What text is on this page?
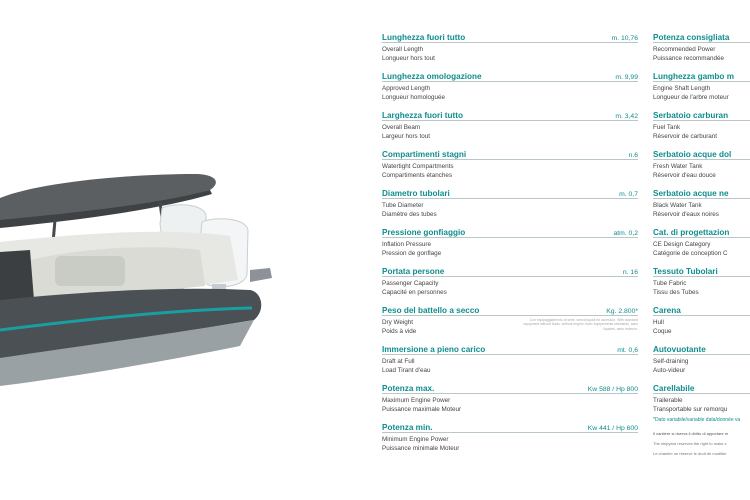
Lunghezza fuori tutto	m. 10,76
Overall Length
Longueur hors tout
Lunghezza omologazione	m. 9,99
Approved Length
Longueur homologuée
Larghezza fuori tutto	m. 3,42
Overall Beam
Largeur hors tout
Compartimenti stagni	n.6
Watertight Compartments
Compartiments étanches
Diametro tubolari	m. 0,7
Tube Diameter
Diamètre des tubes
Pressione gonfiaggio	atm. 0,2
Inflation Pressure
Pression de gonflage
Portata persone	n. 16
Passenger Capacity
Capacité en personnes
Peso del battello a secco	Kg. 2.800*
Dry Weight
Poids à vide
Con equipaggiamento di serie, senza liquidi ed accessori. With standard equipment without fluids, without engine. Avec équipements standards, sans liquides, sans moteurs.
Immersione a pieno carico	mt. 0,6
Draft at Full
Load Tirant d'eau
Potenza max.	Kw 588 / Hp 800
Maximum Engine Power
Puissance maximale Moteur
Potenza min.	Kw 441 / Hp 600
Minimum Engine Power
Puissance minimale Moteur
Potenza consigliata
Recommended Power
Puissance recommandée
Lunghezza gambo m
Engine Shaft Length
Longueur de l'arbre moteur
Serbatoio carburan
Fuel Tank
Réservoir de carburant
Serbatoio acque dol
Fresh Water Tank
Réservoir d'eau douce
Serbatoio acque ne
Black Water Tank
Réservoir d'eaux noires
Cat. di progettazion
CE Design Category
Catégorie de conception C
Tessuto Tubolari
Tube Fabric
Tissu des Tubes
Carena
Hull
Coque
Autovuotante
Self-draining
Auto-videur
Carellabile
Trailerable
Transportable sur remorqu
*Dato variabile/variable data/donnée va
Il cantiere si riserva il diritto di apportare m
The shipyard reserves the right to make c
Le chantier se réserve le droit de modifier
